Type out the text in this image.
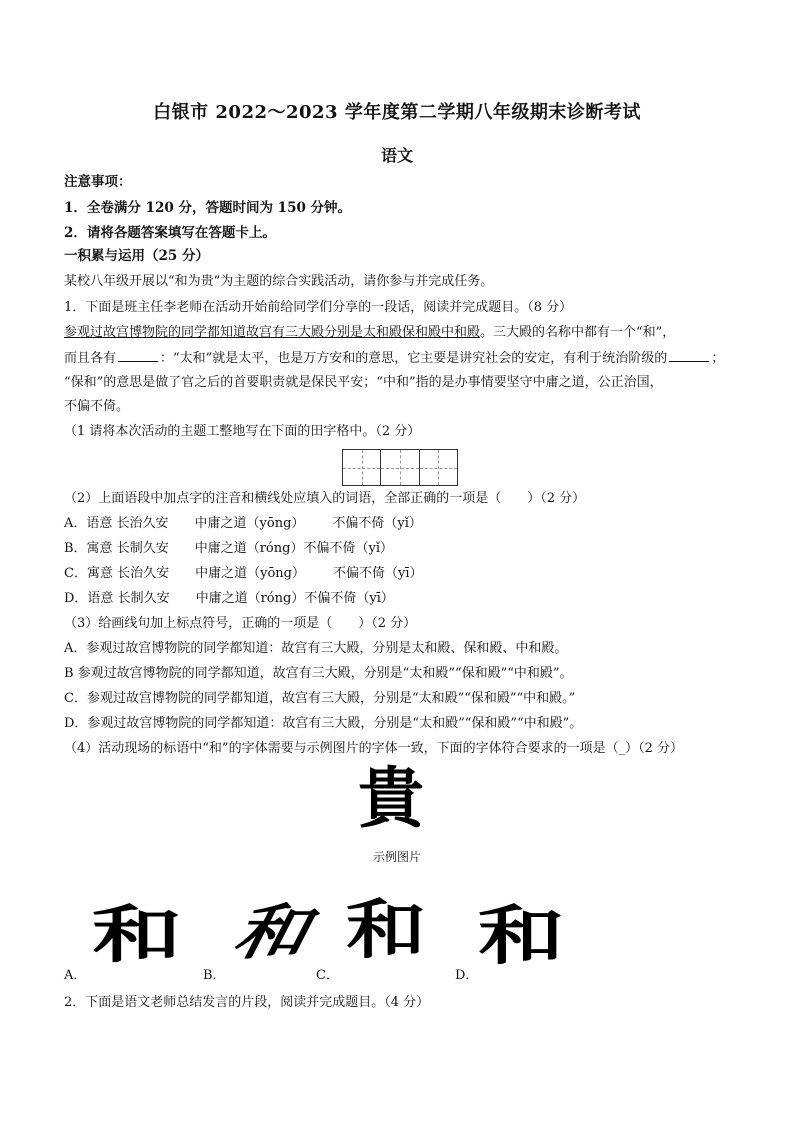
白银市 2022～2023 学年度第二学期八年级期末诊断考试
语文
注意事项：
1．全卷满分 120 分，答题时间为 150 分钟。
2．请将各题答案填写在答题卡上。
一积累与运用（25 分）
某校八年级开展以“和为贵”为主题的综合实践活动，请你参与并完成任务。
1．下面是班主任李老师在活动开始前给同学们分享的一段话，阅读并完成题目。（8 分）
参观过故宫博物院的同学都知道故宫有三大殿分别是太和殿保和殿中和殿。三大殿的名称中都有一个“和”，
而且各有	：“太和”就是太平，也是万方安和的意思，它主要是讲究社会的安定，有利于统治阶级的	；
“保和”的意思是做了官之后的首要职责就是保民平安；“中和”指的是办事情要坚守中庸之道，公正治国，
不偏不倚。
（1 请将本次活动的主题工整地写在下面的田字格中。（2 分）
（2）上面语段中加点字的注音和横线处应填入的词语，全部正确的一项是（　　）（2 分）
A．语意 长治久安 中庸之道（yōng） 不偏不倚（yǐ）
B．寓意 长制久安 中庸之道（róng）不偏不倚（yǐ）
C．寓意 长治久安 中庸之道（yōng） 不偏不倚（yī）
D．语意 长制久安 中庸之道（róng）不偏不倚（yī）
（3）给画线句加上标点符号，正确的一项是（　　）（2 分）
A．参观过故宫博物院的同学都知道：故宫有三大殿，分别是太和殿、保和殿、中和殿。
B 参观过故宫博物院的同学都知道，故宫有三大殿，分别是“太和殿”“保和殿”“中和殿”。
C．参观过故宫博物院的同学都知道，故宫有三大殿，分别是“太和殿”“保和殿”“中和殿。”
D．参观过故宫博物院的同学都知道：故宫有三大殿，分别是“太和殿”“保和殿”“中和殿”。
（4）活动现场的标语中“和”的字体需要与示例图片的字体一致，下面的字体符合要求的一项是（_）（2 分）
貴
示例图片
和 和 和 和
A．	B．	C．	D．
2．下面是语文老师总结发言的片段，阅读并完成题目。（4 分）
